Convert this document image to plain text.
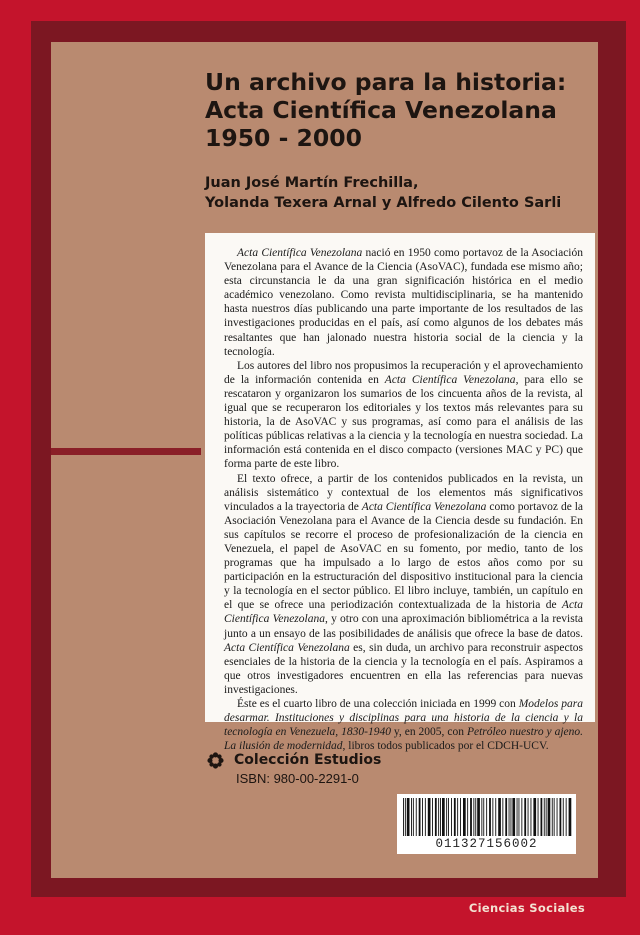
Un archivo para la historia:
Acta Científica Venezolana
1950 - 2000
Juan José Martín Frechilla,
Yolanda Texera Arnal y Alfredo Cilento Sarli

Acta Científica Venezolana nació en 1950 como portavoz de la Asociación Venezolana para el Avance de la Ciencia (AsoVAC), fundada ese mismo año; esta circunstancia le da una gran significación histórica en el medio académico venezolano. Como revista multidisciplinaria, se ha mantenido hasta nuestros días publicando una parte importante de los resultados de las investigaciones producidas en el país, así como algunos de los debates más resaltantes que han jalonado nuestra historia social de la ciencia y la tecnología.

Los autores del libro nos propusimos la recuperación y el aprovechamiento de la información contenida en Acta Científica Venezolana, para ello se rescataron y organizaron los sumarios de los cincuenta años de la revista, al igual que se recuperaron los editoriales y los textos más relevantes para su historia, la de AsoVAC y sus programas, así como para el análisis de las políticas públicas relativas a la ciencia y la tecnología en nuestra sociedad. La información está contenida en el disco compacto (versiones MAC y PC) que forma parte de este libro.

El texto ofrece, a partir de los contenidos publicados en la revista, un análisis sistemático y contextual de los elementos más significativos vinculados a la trayectoria de Acta Científica Venezolana como portavoz de la Asociación Venezolana para el Avance de la Ciencia desde su fundación. En sus capítulos se recorre el proceso de profesionalización de la ciencia en Venezuela, el papel de AsoVAC en su fomento, por medio, tanto de los programas que ha impulsado a lo largo de estos años como por su participación en la estructuración del dispositivo institucional para la ciencia y la tecnología en el sector público. El libro incluye, también, un capítulo en el que se ofrece una periodización contextualizada de la historia de Acta Científica Venezolana, y otro con una aproximación bibliométrica a la revista junto a un ensayo de las posibilidades de análisis que ofrece la base de datos. Acta Científica Venezolana es, sin duda, un archivo para reconstruir aspectos esenciales de la historia de la ciencia y la tecnología en el país. Aspiramos a que otros investigadores encuentren en ella las referencias para nuevas investigaciones.

Éste es el cuarto libro de una colección iniciada en 1999 con Modelos para desarmar. Instituciones y disciplinas para una historia de la ciencia y la tecnología en Venezuela, 1830-1940 y, en 2005, con Petróleo nuestro y ajeno. La ilusión de modernidad, libros todos publicados por el CDCH-UCV.

Colección Estudios
ISBN: 980-00-2291-0
011327156002
Ciencias Sociales
